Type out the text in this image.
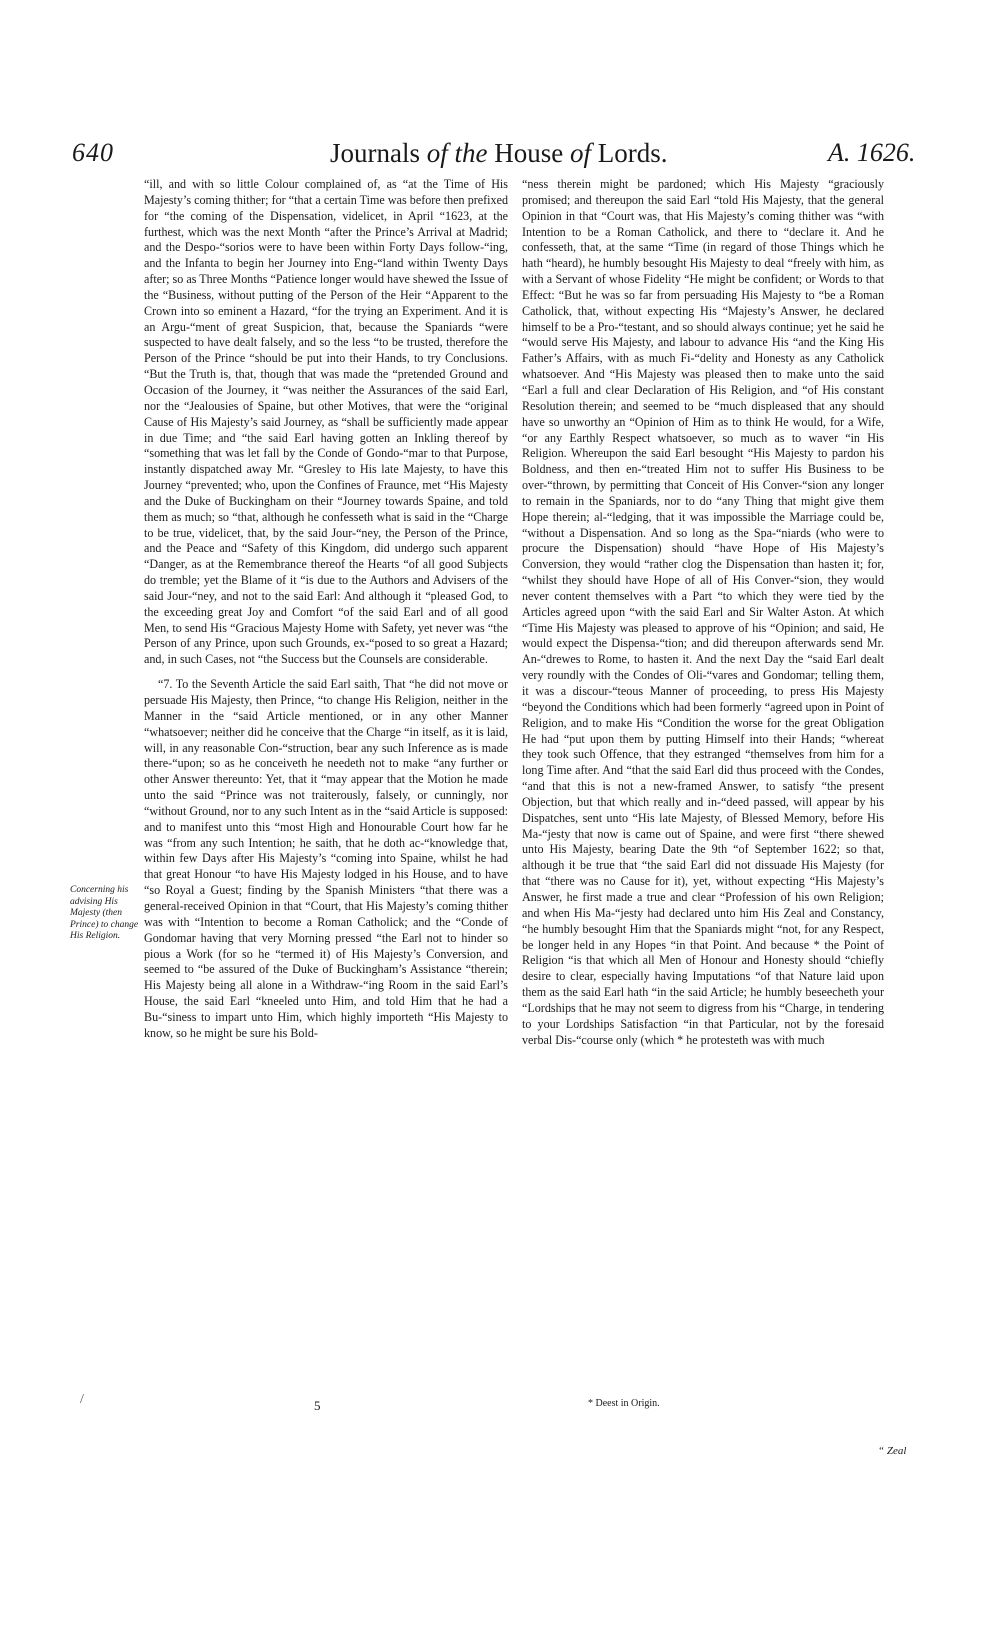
640	Journals of the House of Lords.	A. 1626.
Concerning his advising His Majesty (then Prince) to change His Religion.

“ill, and with so little Colour complained of, as “at the Time of His Majesty’s coming thither; for “that a certain Time was before then prefixed for “the coming of the Dispensation, videlicet, in April “1623, at the furthest, which was the next Month “after the Prince’s Arrival at Madrid; and the Despo-“sorios were to have been within Forty Days follow-“ing, and the Infanta to begin her Journey into Eng-“land within Twenty Days after; so as Three Months “Patience longer would have shewed the Issue of the “Business, without putting of the Person of the Heir “Apparent to the Crown into so eminent a Hazard, “for the trying an Experiment. And it is an Argu-“ment of great Suspicion, that, because the Spaniards “were suspected to have dealt falsely, and so the less “to be trusted, therefore the Person of the Prince “should be put into their Hands, to try Conclusions. “But the Truth is, that, though that was made the “pretended Ground and Occasion of the Journey, it “was neither the Assurances of the said Earl, nor the “Jealousies of Spaine, but other Motives, that were the “original Cause of His Majesty’s said Journey, as “shall be sufficiently made appear in due Time; and “the said Earl having gotten an Inkling thereof by “something that was let fall by the Conde of Gondo-“mar to that Purpose, instantly dispatched away Mr. “Gresley to His late Majesty, to have this Journey “prevented; who, upon the Confines of Fraunce, met “His Majesty and the Duke of Buckingham on their “Journey towards Spaine, and told them as much; so “that, although he confesseth what is said in the “Charge to be true, videlicet, that, by the said Jour-“ney, the Person of the Prince, and the Peace and “Safety of this Kingdom, did undergo such apparent “Danger, as at the Remembrance thereof the Hearts “of all good Subjects do tremble; yet the Blame of it “is due to the Authors and Advisers of the said Jour-“ney, and not to the said Earl: And although it “pleased God, to the exceeding great Joy and Comfort “of the said Earl and of all good Men, to send His “Gracious Majesty Home with Safety, yet never was “the Person of any Prince, upon such Grounds, ex-“posed to so great a Hazard; and, in such Cases, not “the Success but the Counsels are considerable.

“7. To the Seventh Article the said Earl saith, That “he did not move or persuade His Majesty, then Prince, “to change His Religion, neither in the Manner in the “said Article mentioned, or in any other Manner “whatsoever; neither did he conceive that the Charge “in itself, as it is laid, will, in any reasonable Con-“struction, bear any such Inference as is made there-“upon; so as he conceiveth he needeth not to make “any further or other Answer thereunto: Yet, that it “may appear that the Motion he made unto the said “Prince was not traiterously, falsely, or cunningly, nor “without Ground, nor to any such Intent as in the “said Article is supposed: and to manifest unto this “most High and Honourable Court how far he was “from any such Intention; he saith, that he doth ac-“knowledge that, within few Days after His Majesty’s “coming into Spaine, whilst he had that great Honour “to have His Majesty lodged in his House, and to have “so Royal a Guest; finding by the Spanish Ministers “that there was a general-received Opinion in that “Court, that His Majesty’s coming thither was with “Intention to become a Roman Catholick; and the “Conde of Gondomar having that very Morning pressed “the Earl not to hinder so pious a Work (for so he “termed it) of His Majesty’s Conversion, and seemed to “be assured of the Duke of Buckingham’s Assistance “therein; His Majesty being all alone in a Withdraw-“ing Room in the said Earl’s House, the said Earl “kneeled unto Him, and told Him that he had a Bu-“siness to impart unto Him, which highly importeth “His Majesty to know, so he might be sure his Bold-

“ness therein might be pardoned; which His Majesty “graciously promised; and thereupon the said Earl “told His Majesty, that the general Opinion in that “Court was, that His Majesty’s coming thither was “with Intention to be a Roman Catholick, and there to “declare it. And he confesseth, that, at the same “Time (in regard of those Things which he hath “heard), he humbly besought His Majesty to deal “freely with him, as with a Servant of whose Fidelity “He might be confident; or Words to that Effect: “But he was so far from persuading His Majesty to “be a Roman Catholick, that, without expecting His “Majesty’s Answer, he declared himself to be a Pro-“testant, and so should always continue; yet he said he “would serve His Majesty, and labour to advance His “and the King His Father’s Affairs, with as much Fi-“delity and Honesty as any Catholick whatsoever. And “His Majesty was pleased then to make unto the said “Earl a full and clear Declaration of His Religion, and “of His constant Resolution therein; and seemed to be “much displeased that any should have so unworthy an “Opinion of Him as to think He would, for a Wife, “or any Earthly Respect whatsoever, so much as to waver “in His Religion. Whereupon the said Earl besought “His Majesty to pardon his Boldness, and then en-“treated Him not to suffer His Business to be over-“thrown, by permitting that Conceit of His Conver-“sion any longer to remain in the Spaniards, nor to do “any Thing that might give them Hope therein; al-“ledging, that it was impossible the Marriage could be, “without a Dispensation. And so long as the Spa-“niards (who were to procure the Dispensation) should “have Hope of His Majesty’s Conversion, they would “rather clog the Dispensation than hasten it; for, “whilst they should have Hope of all of His Conver-“sion, they would never content themselves with a Part “to which they were tied by the Articles agreed upon “with the said Earl and Sir Walter Aston. At which “Time His Majesty was pleased to approve of his “Opinion; and said, He would expect the Dispensa-“tion; and did thereupon afterwards send Mr. An-“drewes to Rome, to hasten it. And the next Day the “said Earl dealt very roundly with the Condes of Oli-“vares and Gondomar; telling them, it was a discour-“teous Manner of proceeding, to press His Majesty “beyond the Conditions which had been formerly “agreed upon in Point of Religion, and to make His “Condition the worse for the great Obligation He had “put upon them by putting Himself into their Hands; “whereat they took such Offence, that they estranged “themselves from him for a long Time after. And “that the said Earl did thus proceed with the Condes, “and that this is not a new-framed Answer, to satisfy “the present Objection, but that which really and in-“deed passed, will appear by his Dispatches, sent unto “His late Majesty, of Blessed Memory, before His Ma-“jesty that now is came out of Spaine, and were first “there shewed unto His Majesty, bearing Date the 9th “of September 1622; so that, although it be true that “the said Earl did not dissuade His Majesty (for that “there was no Cause for it), yet, without expecting “His Majesty’s Answer, he first made a true and clear “Profession of his own Religion; and when His Ma-“jesty had declared unto him His Zeal and Constancy, “he humbly besought Him that the Spaniards might “not, for any Respect, be longer held in any Hopes “in that Point. And because * the Point of Religion “is that which all Men of Honour and Honesty should “chiefly desire to clear, especially having Imputations “of that Nature laid upon them as the said Earl hath “in the said Article; he humbly beseecheth your “Lordships that he may not seem to digress from his “Charge, in tendering to your Lordships Satisfaction “in that Particular, not by the foresaid verbal Dis-“course only (which * he protesteth was with much

/	5	* Deest in Origin.
“ Zeal
